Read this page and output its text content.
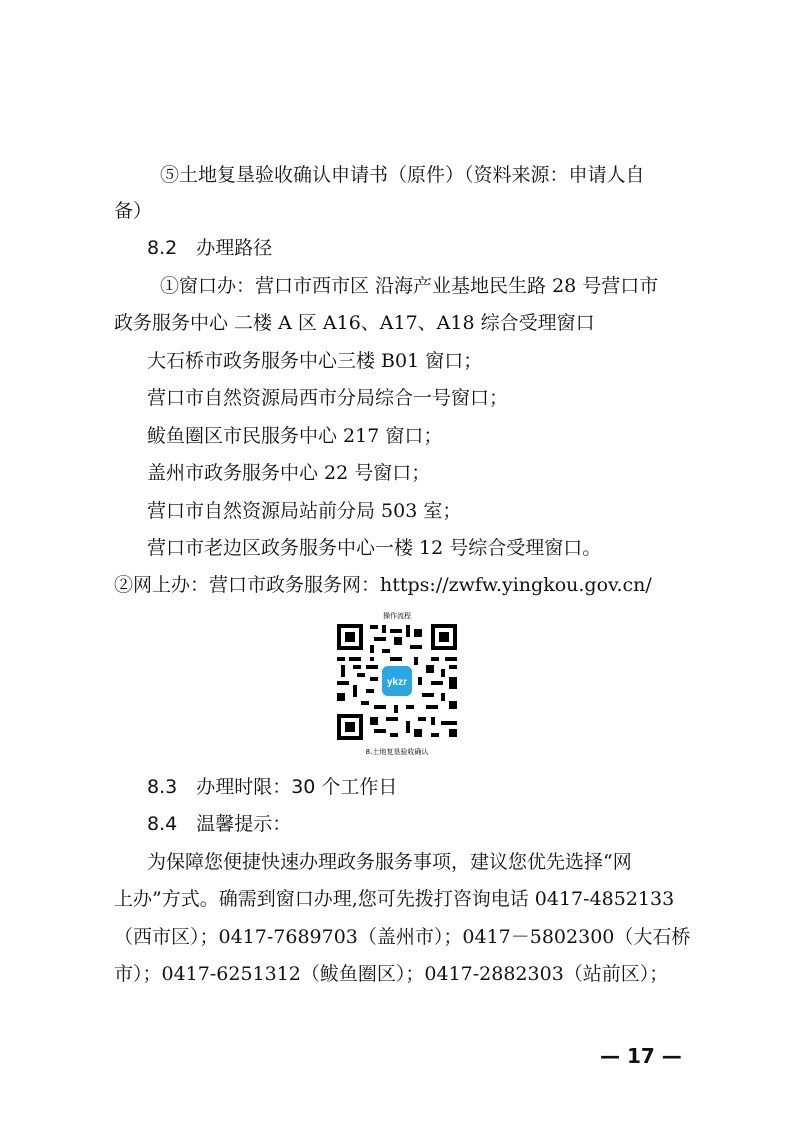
⑤土地复垦验收确认申请书（原件）（资料来源：申请人自
备）
8.2　办理路径
①窗口办：营口市西市区 沿海产业基地民生路 28 号营口市
政务服务中心 二楼 A 区 A16、A17、A18 综合受理窗口
大石桥市政务服务中心三楼 B01 窗口；
营口市自然资源局西市分局综合一号窗口；
鲅鱼圈区市民服务中心 217 窗口；
盖州市政务服务中心 22 号窗口；
营口市自然资源局站前分局 503 室；
营口市老边区政务服务中心一楼 12 号综合受理窗口。
②网上办：营口市政务服务网：https://zwfw.yingkou.gov.cn/
操作流程
ykzr
8.土地复垦验收确认
8.3　办理时限：30 个工作日
8.4　温馨提示：
为保障您便捷快速办理政务服务事项，建议您优先选择“网
上办”方式。确需到窗口办理,您可先拨打咨询电话 0417-4852133
（西市区）；0417-7689703（盖州市）；0417－5802300（大石桥
市）；0417-6251312（鲅鱼圈区）；0417-2882303（站前区）；
— 17 —
